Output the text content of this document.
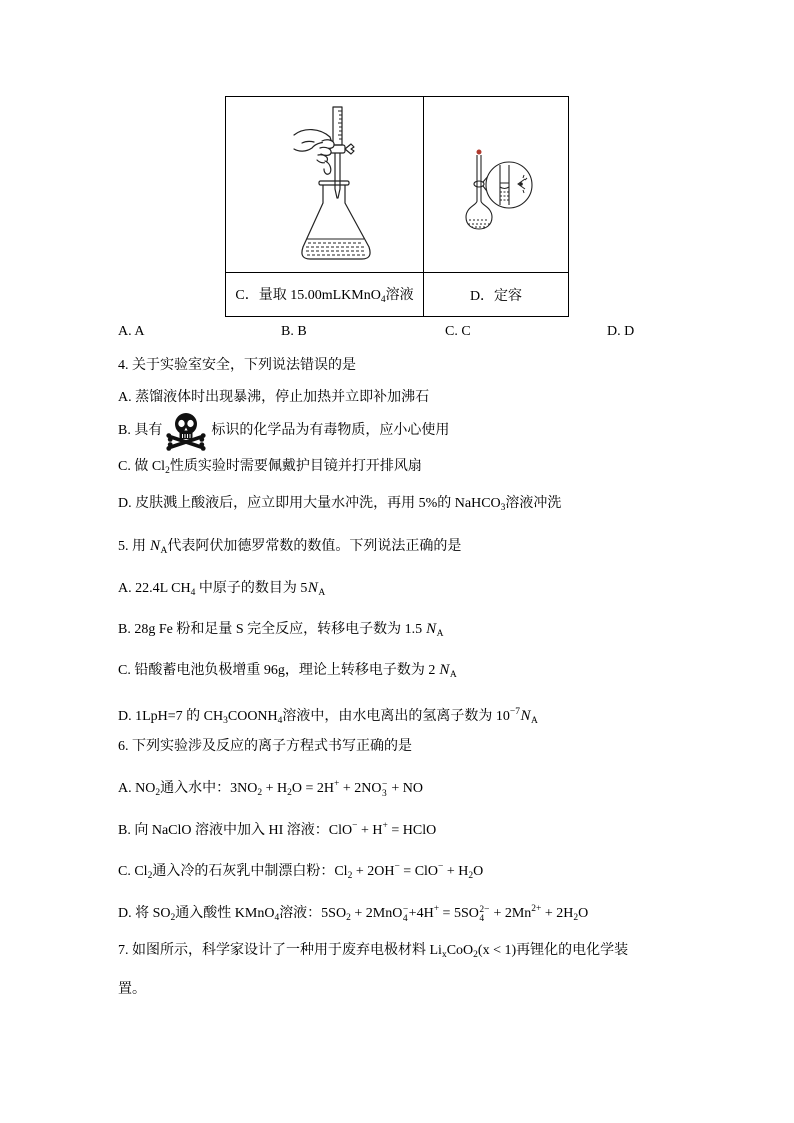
C．量取 15.00mLKMnO$_4$溶液	D．定容
A. A	B. B	C. C	D. D
4. 关于实验室安全，下列说法错误的是
A. 蒸馏液体时出现暴沸，停止加热并立即补加沸石
B. 具有	标识的化学品为有毒物质，应小心使用
C. 做 $Cl_2$性质实验时需要佩戴护目镜并打开排风扇
D. 皮肤溅上酸液后，应立即用大量水冲洗，再用 5%的 NaHCO$_3$溶液冲洗
5. 用 $N_A$代表阿伏加德罗常数的数值。下列说法正确的是
A. 22.4L $CH_4$ 中原子的数目为 $5N_A$
B. 28g Fe 粉和足量 S 完全反应，转移电子数为 1.5 $N_A$
C. 铅酸蓄电池负极增重 96g，理论上转移电子数为 2 $N_A$
D. 1LpH=7 的 $CH_3COONH_4$溶液中，由水电离出的氢离子数为 $10^{-7}N_A$
6. 下列实验涉及反应的离子方程式书写正确的是
A. $NO_2$通入水中：$3NO_2 + H_2O = 2H^+ + 2NO$ −
3 + NO
B. 向 NaClO 溶液中加入 HI 溶液：ClO− + H+ = HClO
C. $Cl_2$通入冷的石灰乳中制漂白粉：$Cl_2 + 2OH^- = ClO^- + H_2O$
D. 将 $SO_2$通入酸性 KMnO$_4$溶液：$5SO_2 + 2MnO$ −
4 +4H+ = 5SO 2−
$4 + 2Mn^{2+} + 2H_2O$
7. 如图所示，科学家设计了一种用于废弃电极材料 $Li_xCoO_2(x < 1)$再锂化的电化学装
置。
